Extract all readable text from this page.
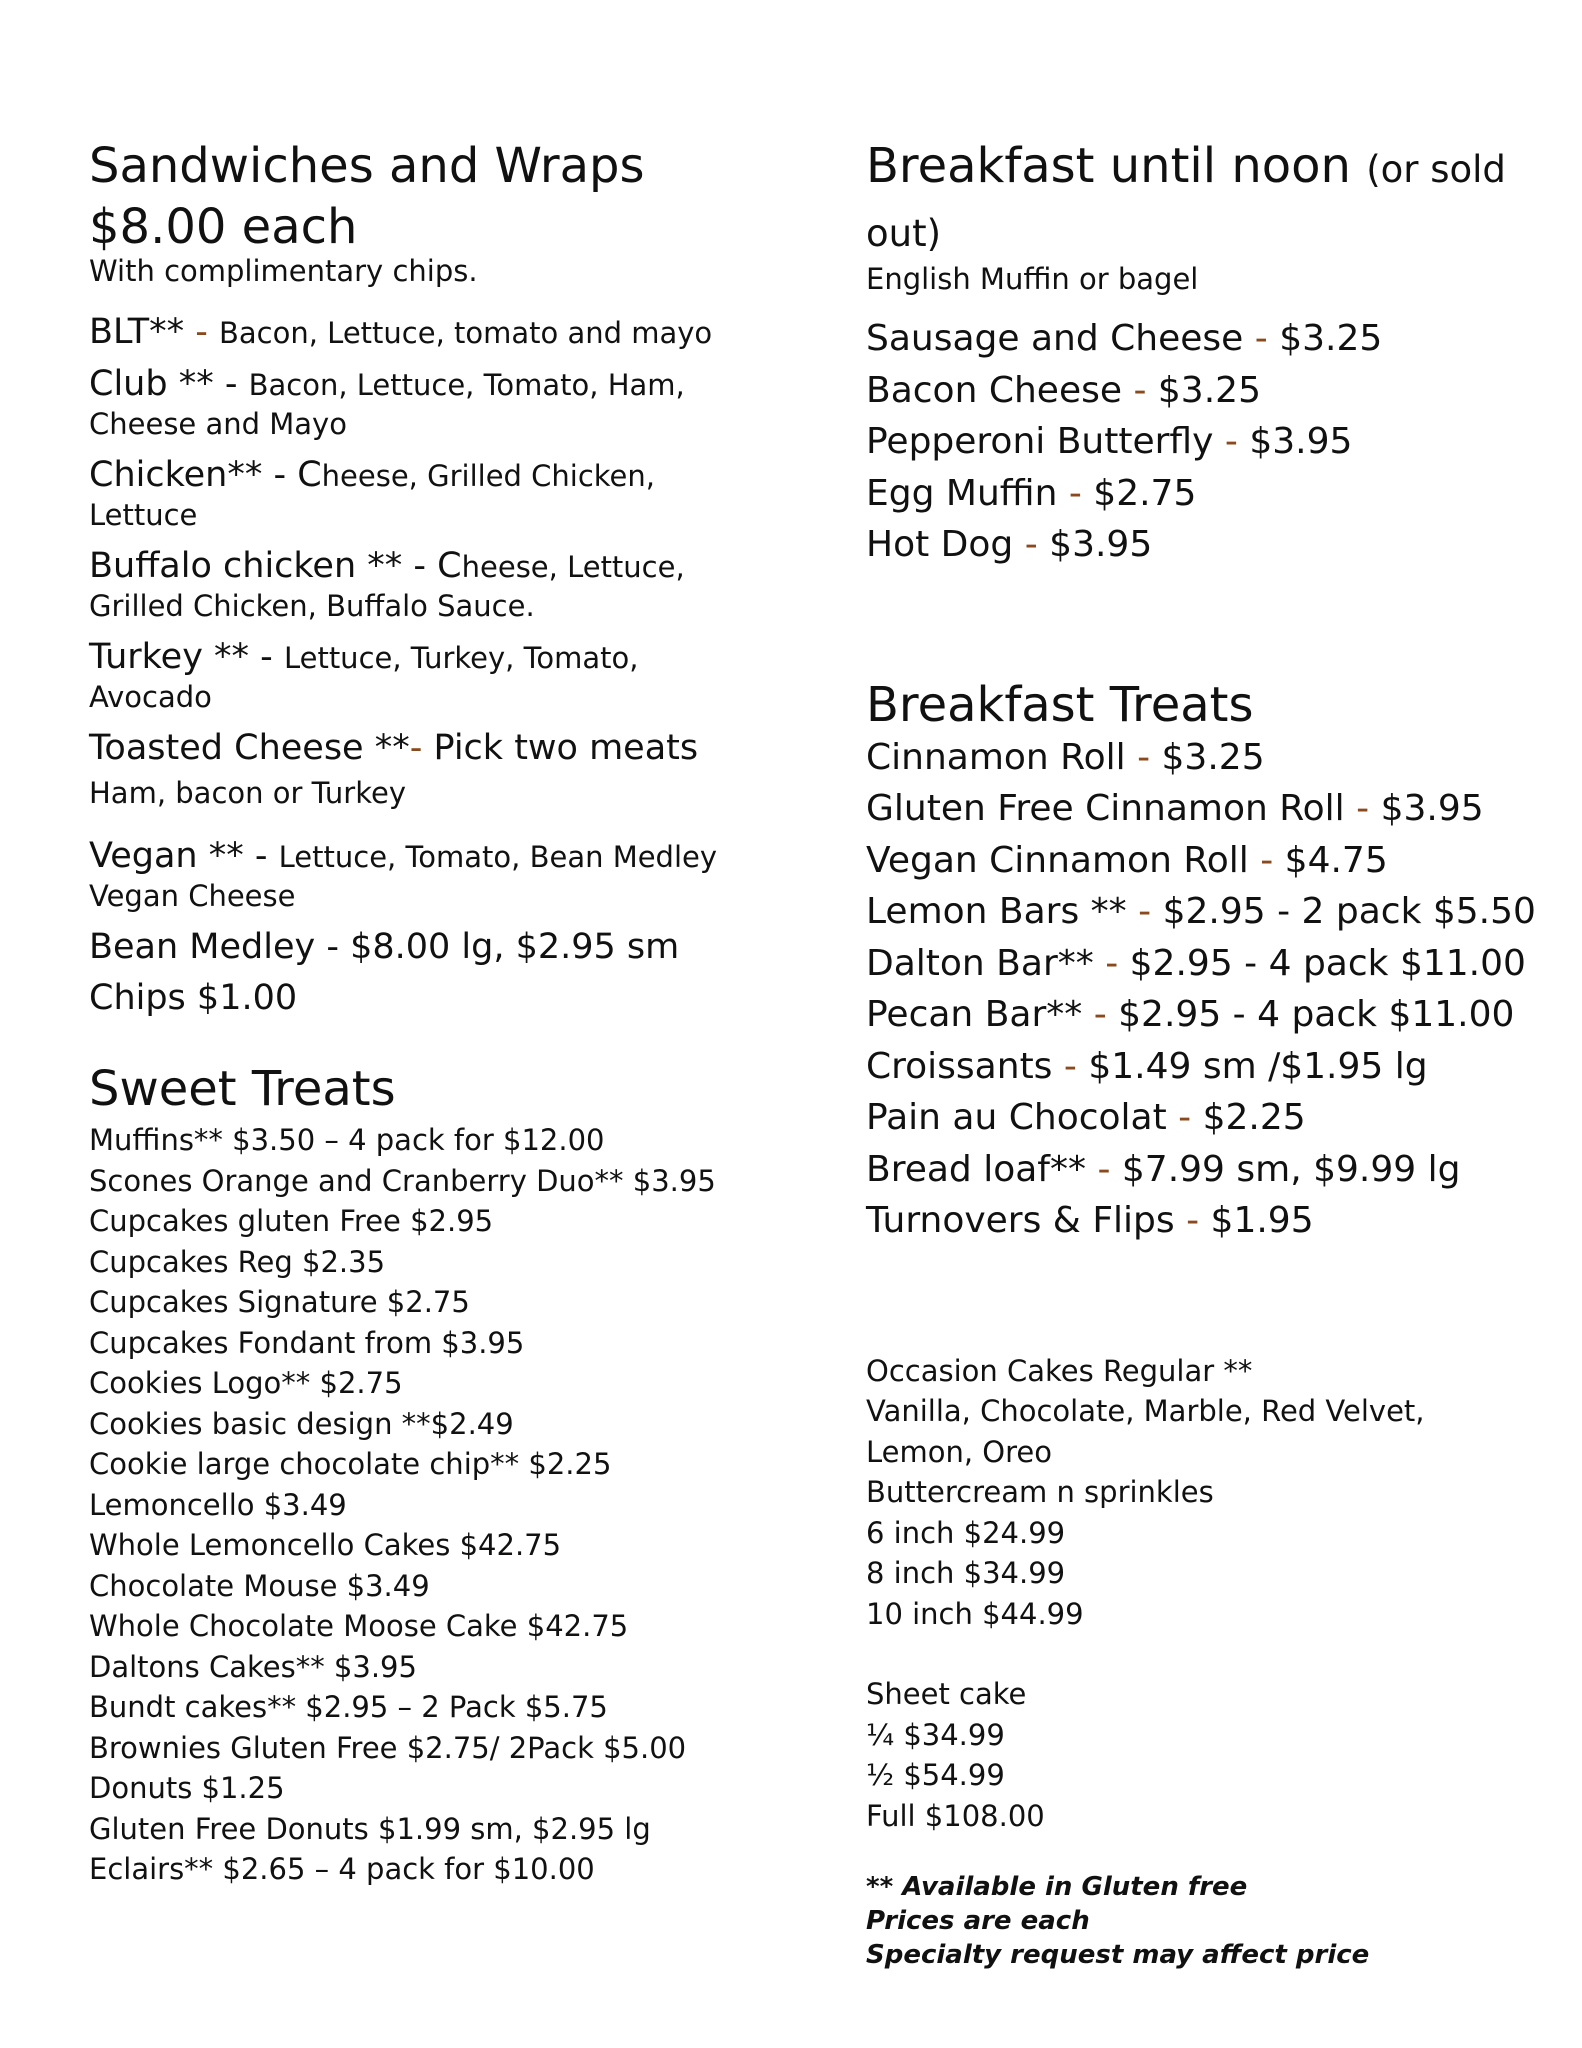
Sandwiches and Wraps
$8.00 each

With complimentary chips.

BLT** - Bacon, Lettuce, tomato and mayo
Club ** - Bacon, Lettuce, Tomato, Ham,
Cheese and Mayo
Chicken** - Cheese, Grilled Chicken,
Lettuce
Buffalo chicken ** - Cheese, Lettuce,
Grilled Chicken, Buffalo Sauce.
Turkey ** - Lettuce, Turkey, Tomato,
Avocado
Toasted Cheese **- Pick two meats
Ham, bacon or Turkey
Vegan ** - Lettuce, Tomato, Bean Medley
Vegan Cheese
Bean Medley - $8.00 lg, $2.95 sm
Chips $1.00
Sweet Treats
Muffins** $3.50 – 4 pack for $12.00
Scones Orange and Cranberry Duo** $3.95
Cupcakes gluten Free $2.95
Cupcakes Reg $2.35
Cupcakes Signature $2.75
Cupcakes Fondant from $3.95
Cookies Logo** $2.75
Cookies basic design **$2.49
Cookie large chocolate chip** $2.25
Lemoncello $3.49
Whole Lemoncello Cakes $42.75
Chocolate Mouse $3.49
Whole Chocolate Moose Cake $42.75
Daltons Cakes** $3.95
Bundt cakes** $2.95 – 2 Pack $5.75
Brownies Gluten Free $2.75/ 2Pack $5.00
Donuts $1.25
Gluten Free Donuts $1.99 sm, $2.95 lg
Eclairs** $2.65 – 4 pack for $10.00
Breakfast until noon (or sold out)

English Muffin or bagel

Sausage and Cheese - $3.25
Bacon Cheese - $3.25
Pepperoni Butterfly - $3.95
Egg Muffin - $2.75
Hot Dog - $3.95
Breakfast Treats
Cinnamon Roll - $3.25
Gluten Free Cinnamon Roll - $3.95
Vegan Cinnamon Roll - $4.75
Lemon Bars ** - $2.95 - 2 pack $5.50
Dalton Bar** - $2.95 - 4 pack $11.00
Pecan Bar** - $2.95 - 4 pack $11.00
Croissants - $1.49 sm /$1.95 lg
Pain au Chocolat - $2.25
Bread loaf** - $7.99 sm, $9.99 lg
Turnovers & Flips - $1.95
Occasion Cakes Regular **
Vanilla, Chocolate, Marble, Red Velvet,
Lemon, Oreo
Buttercream n sprinkles
6 inch $24.99
8 inch $34.99
10 inch $44.99
Sheet cake
¼ $34.99
½ $54.99
Full $108.00
** Available in Gluten free
Prices are each
Specialty request may affect price
